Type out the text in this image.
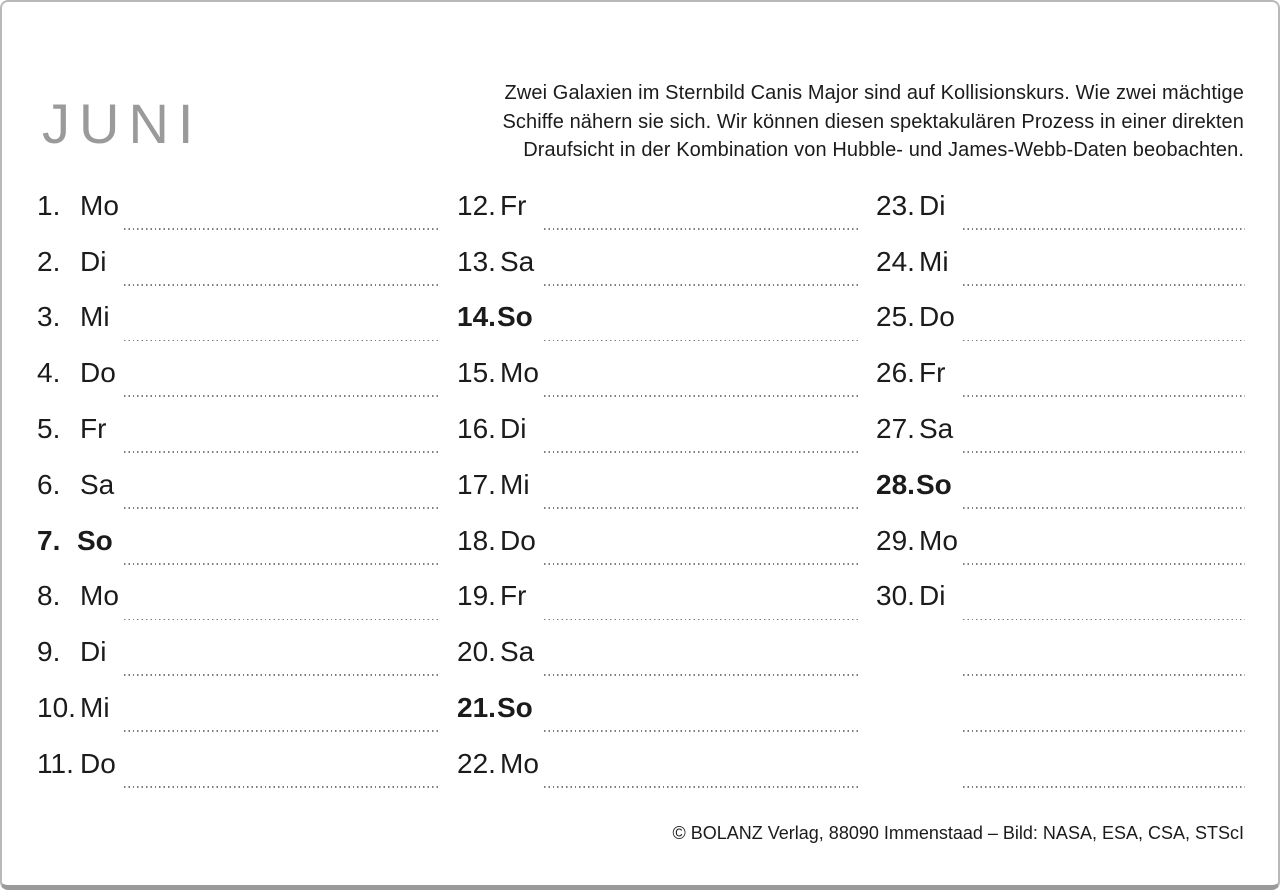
JUNI	Zwei Galaxien im Sternbild Canis Major sind auf Kollisionskurs. Wie zwei mächtige
Schiffe nähern sie sich. Wir können diesen spektakulären Prozess in einer direkten
Draufsicht in der Kombination von Hubble- und James-Webb-Daten beobachten.
1. Mo
2. Di
3. Mi
4. Do
5. Fr
6. Sa
7. So
8. Mo
9. Di
10. Mi
11. Do
12. Fr
13. Sa
14. So
15. Mo
16. Di
17. Mi
18. Do
19. Fr
20. Sa
21. So
22. Mo
23. Di
24. Mi
25. Do
26. Fr
27. Sa
28. So
29. Mo
30. Di
© BOLANZ Verlag, 88090 Immenstaad – Bild: NASA, ESA, CSA, STScI
